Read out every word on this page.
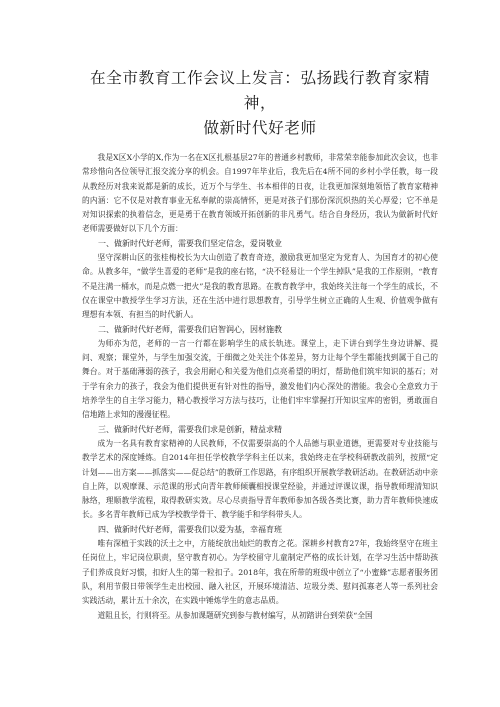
在全市教育工作会议上发言：弘扬践行教育家精神，
做新时代好老师

我是X区X小学的X,作为一名在X区扎根基层27年的普通乡村教师，非常荣幸能参加此次会议，也非常珍惜向各位领导汇报交流分享的机会。自1997年毕业后，我先后在4所不同的乡村小学任教，每一段从教经历对我来说都是新的成长，近万个与学生、书本相伴的日夜，让我更加深刻地领悟了教育家精神的内涵：它不仅是对教育事业无私奉献的崇高情怀，更是对孩子们那份深沉炽热的关心厚爱；它不单是对知识探索的执着信念，更是勇于在教育领域开拓创新的非凡勇气。结合自身经历，我认为做新时代好老师需要做好以下几个方面：

一、做新时代好老师，需要我们坚定信念，爱岗敬业

坚守深耕山区的张桂梅校长为大山创造了教育奇迹，激励我更加坚定为党育人、为国育才的初心使命。从教多年，“做学生喜爱的老师”是我的座右铭，“决不轻易让一个学生掉队”是我的工作原则，“教育不是注满一桶水，而是点燃一把火”是我的教育思路。在教育教学中，我始终关注每一个学生的成长，不仅在课堂中教授学生学习方法，还在生活中进行思想教育，引导学生树立正确的人生观、价值观争做有理想有本领、有担当的时代新人。

二、做新时代好老师，需要我们启智润心，因材施教

为师亦为范，老师的一言一行都在影响学生的成长轨迹。课堂上，走下讲台到学生身边讲解、提问、观察；课堂外，与学生加强交流，于细微之处关注个体差异，努力让每个学生都能找到属于自己的舞台。对于基础薄弱的孩子，我会用耐心和关爱为他们点亮希望的明灯，帮助他们筑牢知识的基石；对于学有余力的孩子，我会为他们提供更有针对性的指导，激发他们内心深处的潜能。我会心全意致力于培养学生的自主学习能力，精心教授学习方法与技巧，让他们牢牢掌握打开知识宝库的密钥，勇敢面自信地踏上求知的漫漫征程。

三、做新时代好老师，需要我们求是创新，精益求精

成为一名具有教育家精神的人民教师，不仅需要崇高的个人品德与职业道德，更需要对专业技能与教学艺术的深度锤炼。自2014年担任学校教学学科主任以来，我始终走在学校科研教改前列，按照“定计划——出方案——抓落实——促总结”的教研工作思路，有序组织开展教学教研活动。在教研活动中亲自上阵，以观摩课、示范课的形式向青年教师倾囊相授课堂经验，并通过评课议课，指导教师理清知识脉络，理顺教学流程，取得教研实效。尽心尽责指导青年教师参加各级各类比赛，助力青年教师快速成长。多名青年教师已成为学校教学骨干、教学能手和学科带头人。

四、做新时代好老师，需要我们以爱为基，幸福育班

唯有深植于实践的沃土之中，方能绽放出灿烂的教育之花。深耕乡村教育27年，我始终坚守在班主任岗位上，牢记岗位职责，坚守教育初心。为学校留守儿童制定严格的成长计划，在学习生活中帮助孩子们养成良好习惯，扣好人生的第一粒扣子。2018年，我在所带的班级中创立了“小蜜蜂”志愿者服务团队，利用节假日带领学生走出校园、融入社区，开展环境清洁、垃圾分类、慰问孤寡老人等一系列社会实践活动，累计五十余次，在实践中锤炼学生的意志品质。

道阻且长，行则将至。从参加课题研究到参与教材编写，从初踏讲台到荣获“全国
